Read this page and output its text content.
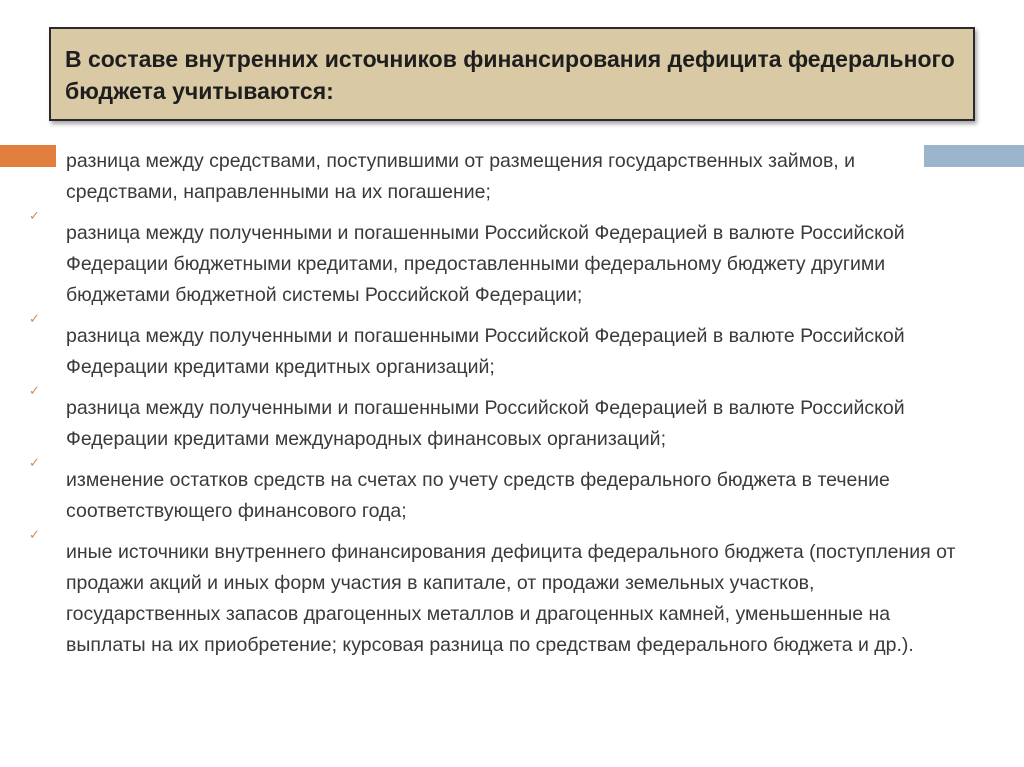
В составе внутренних источников финансирования дефицита федерального бюджета учитываются:
разница между средствами, поступившими от размещения государственных займов, и средствами, направленными на их погашение;
✓
разница между полученными и погашенными Российской Федерацией в валюте Российской Федерации бюджетными кредитами, предоставленными федеральному бюджету другими бюджетами бюджетной системы Российской Федерации;
✓
разница между полученными и погашенными Российской Федерацией в валюте Российской Федерации кредитами кредитных организаций;
✓
разница между полученными и погашенными Российской Федерацией в валюте Российской Федерации кредитами международных финансовых организаций;
✓
изменение остатков средств на счетах по учету средств федерального бюджета в течение соответствующего финансового года;
✓
иные источники внутреннего финансирования дефицита федерального бюджета (поступления от продажи акций и иных форм участия в капитале, от продажи земельных участков, государственных запасов драгоценных металлов и драгоценных камней, уменьшенные на выплаты на их приобретение; курсовая разница по средствам федерального бюджета и др.).
